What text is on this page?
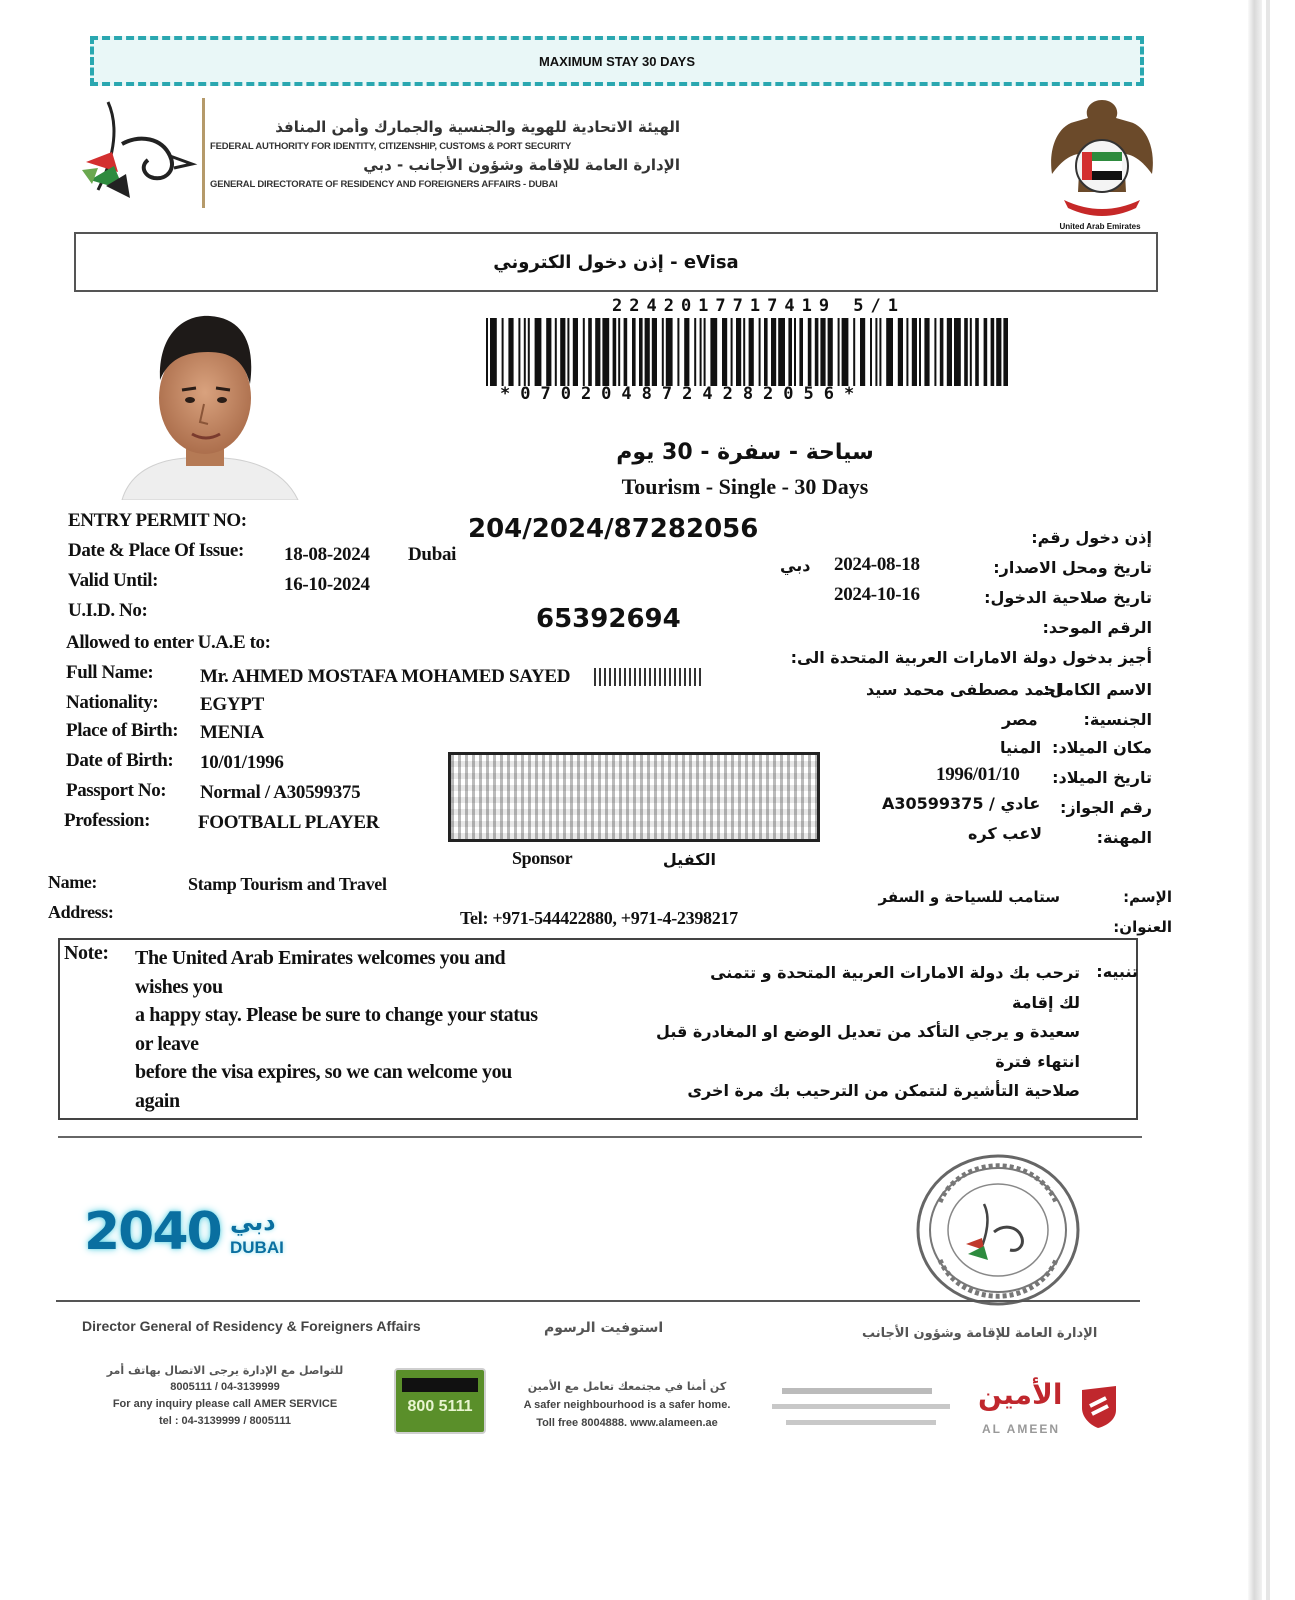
MAXIMUM STAY 30 DAYS
الهيئة الاتحادية للهوية والجنسية والجمارك وأمن المنافذ
FEDERAL AUTHORITY FOR IDENTITY, CITIZENSHIP, CUSTOMS & PORT SECURITY
الإدارة العامة للإقامة وشؤون الأجانب - دبي
GENERAL DIRECTORATE OF RESIDENCY AND FOREIGNERS AFFAIRS - DUBAI
United Arab Emirates
إذن دخول الكتروني - eVisa
2242017717419 5/1
*0702048724282056*
سياحة - سفرة - 30 يوم
Tourism - Single - 30 Days
ENTRY PERMIT NO:	204/2024/87282056	إذن دخول رقم:
Date & Place Of Issue: 18-08-2024 Dubai
دبي 2024-08-18	تاريخ ومحل الاصدار:
Valid Until:	16-10-2024	2024-10-16	تاريخ صلاحية الدخول:
U.I.D. No:	65392694	الرقم الموحد:
Allowed to enter U.A.E to:
أجيز بدخول دولة الامارات العربية المتحدة الى:
Full Name: Mr. AHMED MOSTAFA MOHAMED SAYED
احمد مصطفى محمد سيد
الاسم الكامل:
Nationality: EGYPT
مصر	الجنسية:
Place of Birth: MENIA
المنيا مكان الميلاد:
Date of Birth: 10/01/1996
1996/01/10	تاريخ الميلاد:
Passport No: Normal / A30599375
A30599375 / عادي	رقم الجواز:
Profession:	FOOTBALL PLAYER
لاعب كره	المهنة:
Sponsor	الكفيل
Name:	Stamp Tourism and Travel
ستامب للسياحة و السفر	الإسم:
Address:	Tel: +971-544422880, +971-4-2398217	العنوان:
Note: The United Arab Emirates welcomes you and
wishes you
a happy stay. Please be sure to change your status
or leave
before the visa expires, so we can welcome you
again
تنبيه:
ترحب بك دولة الامارات العربية المتحدة و تتمنى
لك إقامة
سعيدة و يرجي التأكد من تعديل الوضع او المغادرة قبل
انتهاء فترة
صلاحية التأشيرة لنتمكن من الترحيب بك مرة اخرى
2040 دبي
DUBAI
Director General of Residency & Foreigners Affairs	استوفيت الرسوم	الإدارة العامة للإقامة وشؤون الأجانب
للتواصل مع الإدارة يرجى الاتصال بهاتف أمر
8005111 / 04-3139999
For any inquiry please call AMER SERVICE
tel : 04-3139999 / 8005111
800 5111
كن أمنا في مجتمعك تعامل مع الأمين
A safer neighbourhood is a safer home.
Toll free 8004888. www.alameen.ae
الأمين
AL AMEEN
